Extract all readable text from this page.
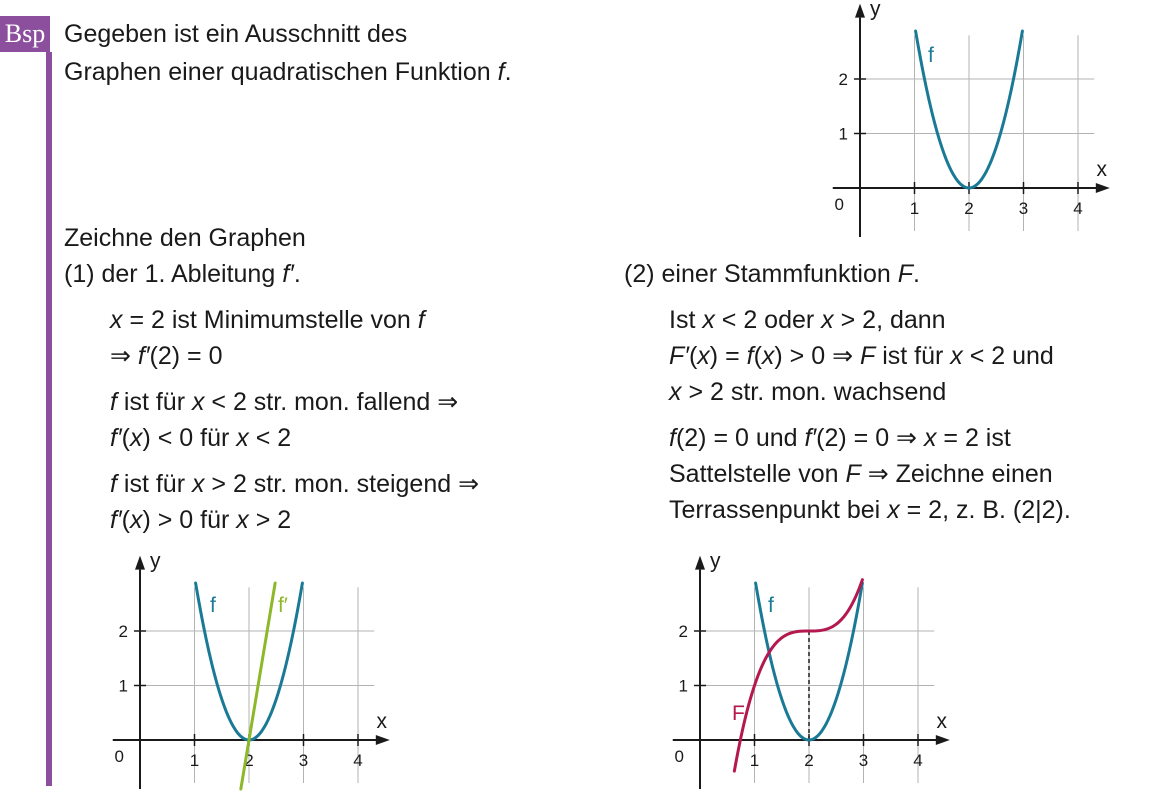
Bsp Gegeben ist ein Ausschnitt des
Graphen einer quadratischen Funktion f.
Zeichne den Graphen
(1) der 1. Ableitung f′.
x = 2 ist Minimumstelle von f
⇒ f′(2) = 0
f ist für x < 2 str. mon. fallend ⇒
f′(x) < 0 für x < 2
f ist für x > 2 str. mon. steigend ⇒
f′(x) > 0 für x > 2
(2) einer Stammfunktion F.
Ist x < 2 oder x > 2, dann
F′(x) = f(x) > 0 ⇒ F ist für x < 2 und
x > 2 str. mon. wachsend
f(2) = 0 und f′(2) = 0 ⇒ x = 2 ist
Sattelstelle von F ⇒ Zeichne einen
Terrassenpunkt bei x = 2, z. B. (2|2).
1	2	3	4
1
2
0
x
y
f
1	2	3	4
1
2
0
x
y
f	f′
1	2	3	4
1
2
0
x
y
f
F
